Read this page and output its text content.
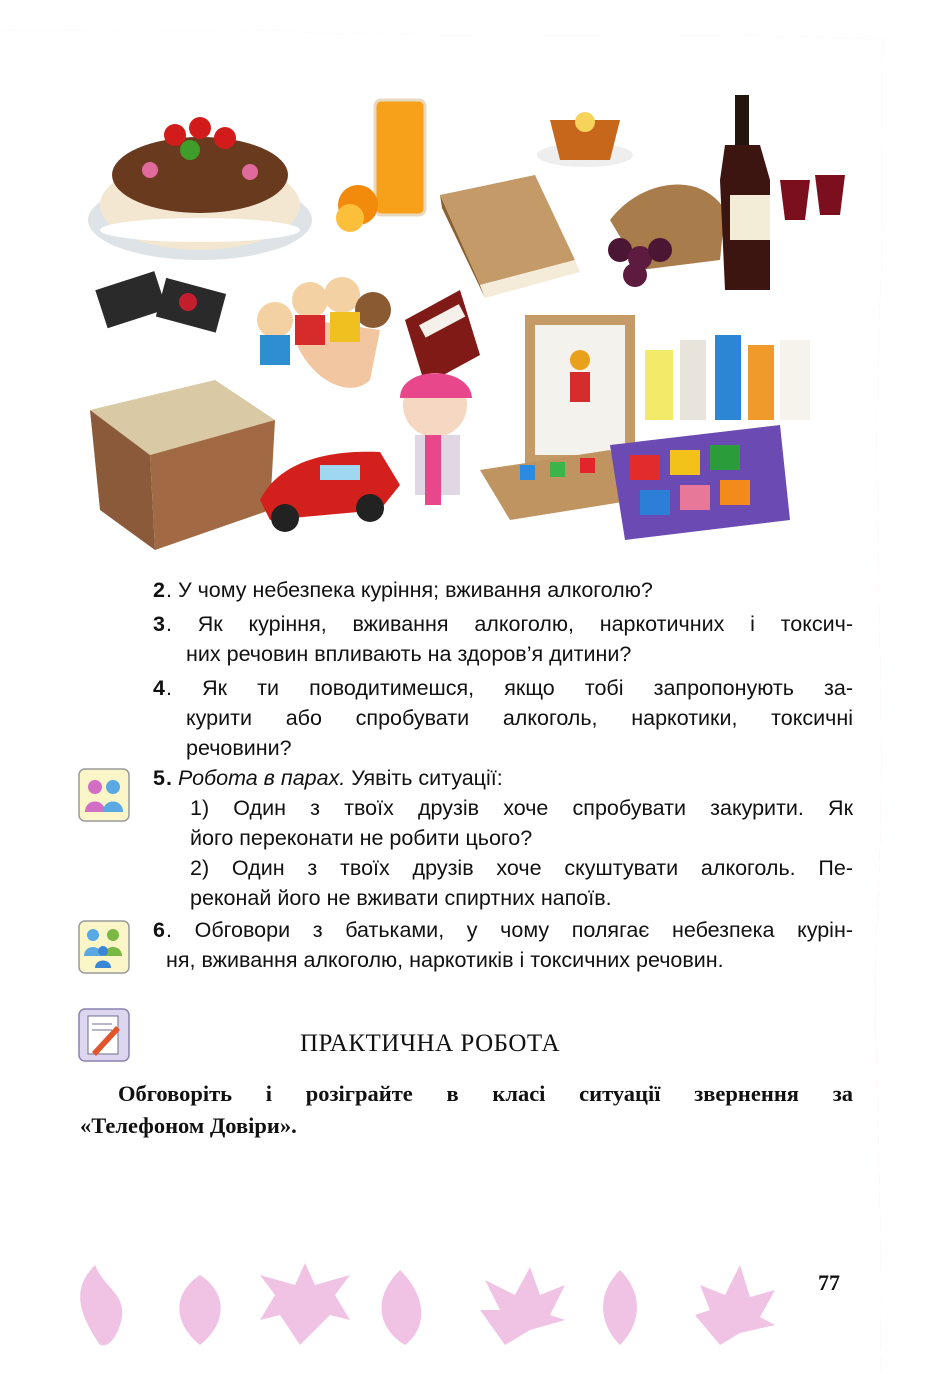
2 . У чому небезпека куріння; вживання алкоголю?
3 . Як куріння, вживання алкоголю, наркотичних і токсич-
них речовин впливають на здоров’я дитини?
4 . Як ти поводитимешся, якщо тобі запропонують за-
курити або спробувати алкоголь, наркотики, токсичні
речовини?
5 . Робота в парах. Уявіть ситуації:
1) Один з твоїх друзів хоче спробувати закурити. Як
його переконати не робити цього?
2) Один з твоїх друзів хоче скуштувати алкоголь. Пе-
реконай його не вживати спиртних напоїв.
6 . Обговори з батьками, у чому полягає небезпека курін-
ня, вживання алкоголю, наркотиків і токсичних речовин.
ПРАКТИЧНА РОБОТА
Обговоріть і розіграйте в класі ситуації звернення за
«Телефоном Довіри».
77
